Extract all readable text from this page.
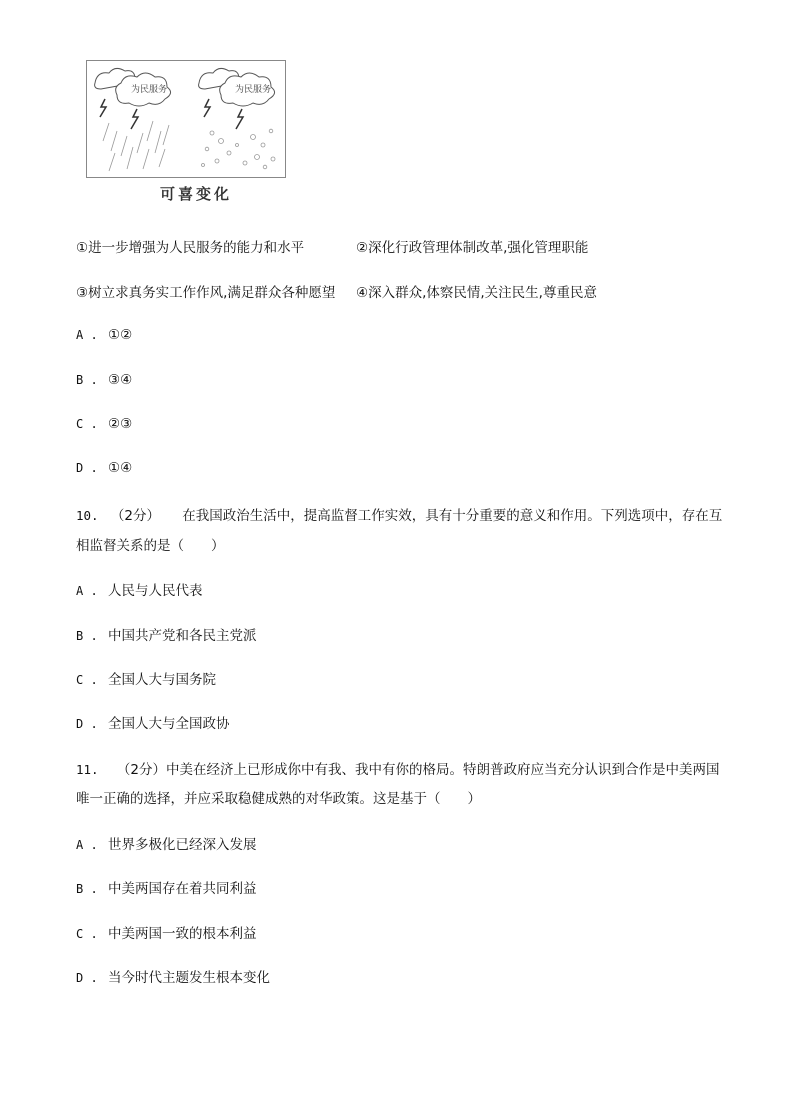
为民服务	为民服务
可喜变化
①进一步增强为人民服务的能力和水平	②深化行政管理体制改革,强化管理职能
③树立求真务实工作作风,满足群众各种愿望 ④深入群众,体察民情,关注民生,尊重民意
A . ①②
B . ③④
C . ②③
D . ①④
10. （2分） 在我国政治生活中，提高监督工作实效，具有十分重要的意义和作用。下列选项中，存在互
相监督关系的是（　　）
A . 人民与人民代表
B . 中国共产党和各民主党派
C . 全国人大与国务院
D . 全国人大与全国政协
11. （2分）中美在经济上已形成你中有我、我中有你的格局。特朗普政府应当充分认识到合作是中美两国
唯一正确的选择，并应采取稳健成熟的对华政策。这是基于（　　）
A . 世界多极化已经深入发展
B . 中美两国存在着共同利益
C . 中美两国一致的根本利益
D . 当今时代主题发生根本变化
